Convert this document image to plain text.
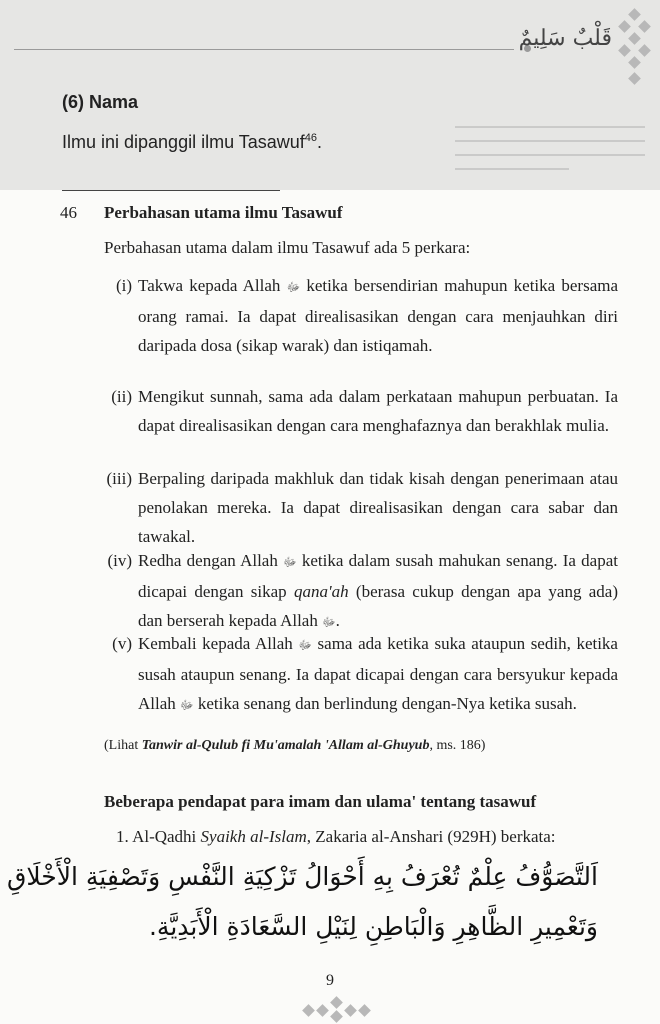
قَلْبٌ سَلِيمٌ
(6) Nama
Ilmu ini dipanggil ilmu Tasawuf$^{46}$.
46 Perbahasan utama ilmu Tasawuf
Perbahasan utama dalam ilmu Tasawuf ada 5 perkara:
(i) Takwa kepada Allah ﷻ ketika bersendirian mahupun ketika bersama orang ramai. Ia dapat direalisasikan dengan cara menjauhkan diri daripada dosa (sikap warak) dan istiqamah.
(ii) Mengikut sunnah, sama ada dalam perkataan mahupun perbuatan. Ia dapat direalisasikan dengan cara menghafaznya dan berakhlak mulia.
(iii) Berpaling daripada makhluk dan tidak kisah dengan penerimaan atau penolakan mereka. Ia dapat direalisasikan dengan cara sabar dan tawakal.
(iv) Redha dengan Allah ﷻ ketika dalam susah mahukan senang. Ia dapat dicapai dengan sikap qana'ah (berasa cukup dengan apa yang ada) dan berserah kepada Allah ﷻ.
(v) Kembali kepada Allah ﷻ sama ada ketika suka ataupun sedih, ketika susah ataupun senang. Ia dapat dicapai dengan cara bersyukur kepada Allah ﷻ ketika senang dan berlindung dengan-Nya ketika susah.
(Lihat Tanwir al-Qulub fi Mu'amalah 'Allam al-Ghuyub, ms. 186)
Beberapa pendapat para imam dan ulama' tentang tasawuf
1. Al-Qadhi Syaikh al-Islam, Zakaria al-Anshari (929H) berkata:
اَلتَّصَوُّفُ عِلْمٌ تُعْرَفُ بِهِ أَحْوَالُ تَزْكِيَةِ النَّفْسِ وَتَصْفِيَةِ الْأَخْلَاقِ
وَتَعْمِيرِ الظَّاهِرِ وَالْبَاطِنِ لِنَيْلِ السَّعَادَةِ الْأَبَدِيَّةِ.
9
